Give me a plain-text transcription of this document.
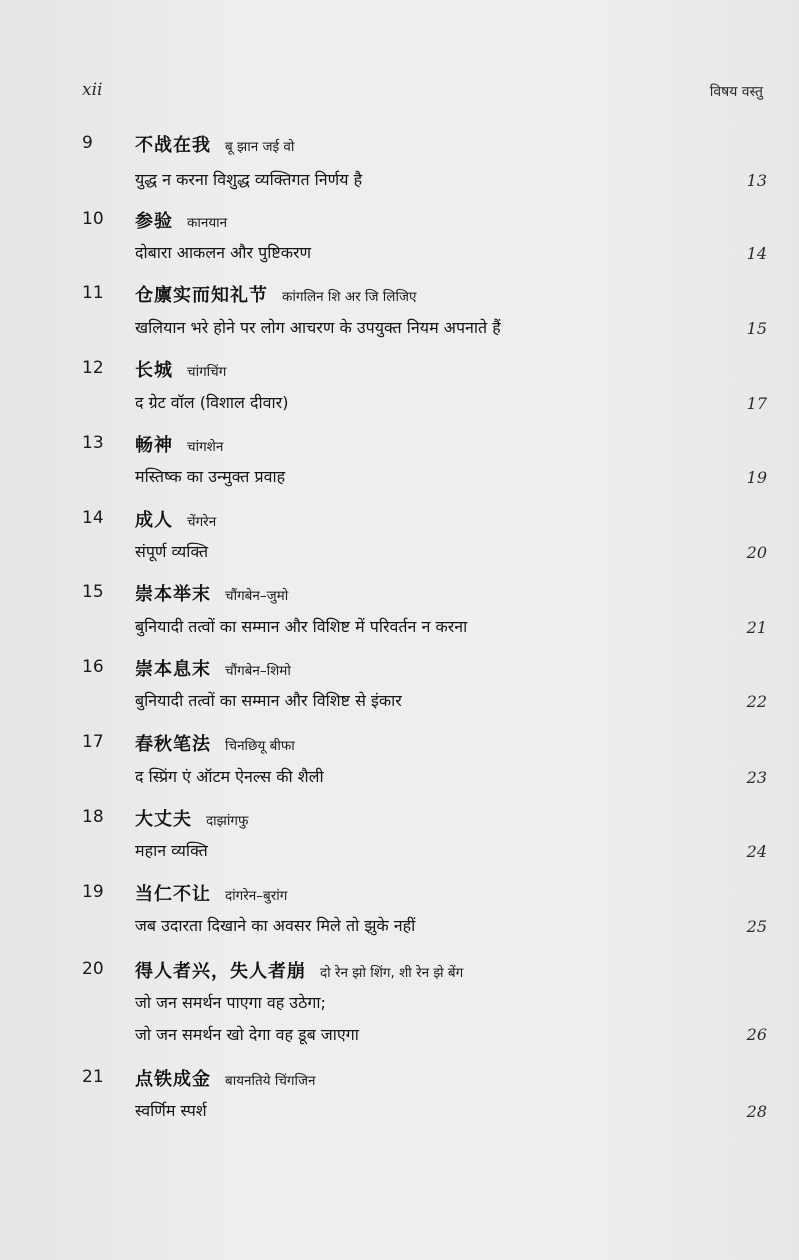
xii	विषय वस्तु
9	不战在我 बू झान जई वो
युद्ध न करना विशुद्ध व्यक्तिगत निर्णय है	13
10	参验 कानयान
दोबारा आकलन और पुष्टिकरण	14
11	仓廪实而知礼节 कांगलिन शि अर जि लिजिए
खलियान भरे होने पर लोग आचरण के उपयुक्त नियम अपनाते हैं	15
12	长城 चांगचिंग
द ग्रेट वॉल (विशाल दीवार)	17
13	畅神 चांगशेन
मस्तिष्क का उन्मुक्त प्रवाह	19
14	成人 चेंगरेन
संपूर्ण व्यक्ति	20
15	崇本举末 चौंगबेन–जुमो
बुनियादी तत्वों का सम्मान और विशिष्ट में परिवर्तन न करना	21
16	崇本息末 चौंगबेन–शिमो
बुनियादी तत्वों का सम्मान और विशिष्ट से इंकार	22
17	春秋笔法 चिनछियू बीफा
द स्प्रिंग एं ऑटम ऐनल्स की शैली	23
18	大丈夫 दाझांगफु
महान व्यक्ति	24
19	当仁不让 दांगरेन–बुरांग
जब उदारता दिखाने का अवसर मिले तो झुके नहीं	25
20	得人者兴，失人者崩 दो रेन झो शिंग, शी रेन झे बेंग
जो जन समर्थन पाएगा वह उठेगा;
जो जन समर्थन खो देगा वह डूब जाएगा	26
21	点铁成金 बायनतिये चिंगजिन
स्वर्णिम स्पर्श	28
